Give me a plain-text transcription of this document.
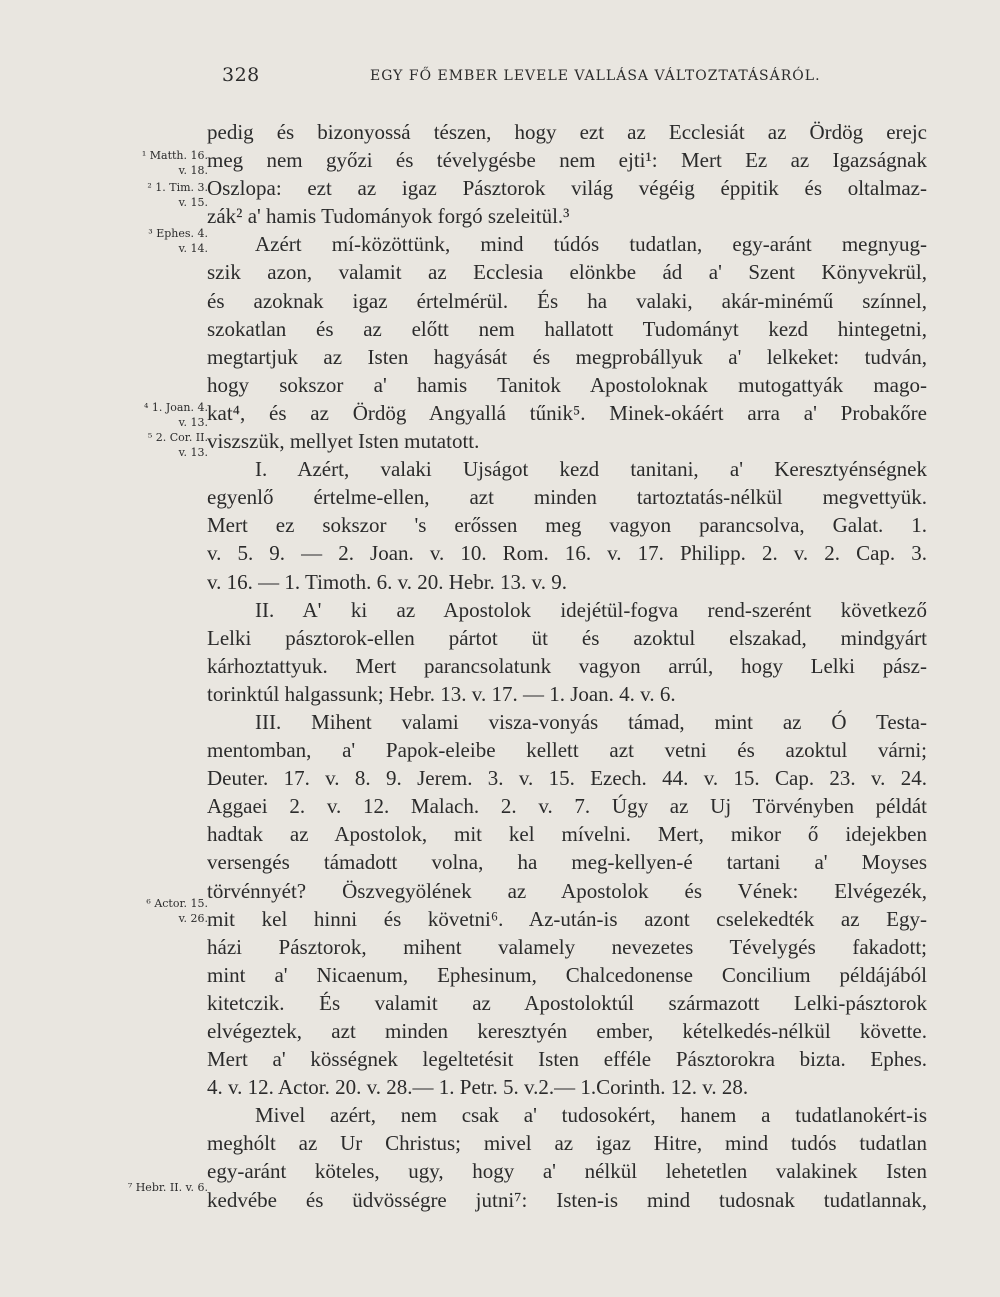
328	EGY FŐ EMBER LEVELE VALLÁSA VÁLTOZTATÁSÁRÓL.
¹ Matth. 16.
v. 18.
² 1. Tim. 3.
v. 15.
³ Ephes. 4.
v. 14.
⁴ 1. Joan. 4.
v. 13.
⁵ 2. Cor. II.
v. 13.
⁶ Actor. 15.
v. 26.
⁷ Hebr. II. v. 6.
pedig és bizonyossá tészen, hogy ezt az Ecclesiát az Ördög erejc
meg nem győzi és tévelygésbe nem ejti¹: Mert Ez az Igazságnak
Oszlopa: ezt az igaz Pásztorok világ végéig éppitik és oltalmaz-
zák² a' hamis Tudományok forgó szeleitül.³
Azért mí-közöttünk, mind túdós tudatlan, egy-aránt megnyug-
szik azon, valamit az Ecclesia elönkbe ád a' Szent Könyvekrül,
és azoknak igaz értelmérül. És ha valaki, akár-minémű színnel,
szokatlan és az előtt nem hallatott Tudományt kezd hintegetni,
megtartjuk az Isten hagyását és megprobállyuk a' lelkeket: tudván,
hogy sokszor a' hamis Tanitok Apostoloknak mutogattyák mago-
kat⁴, és az Ördög Angyallá tűnik⁵. Minek-okáért arra a' Probakőre
viszszük, mellyet Isten mutatott.
I. Azért, valaki Ujságot kezd tanitani, a' Keresztyénségnek
egyenlő értelme-ellen, azt minden tartoztatás-nélkül megvettyük.
Mert ez sokszor 's erőssen meg vagyon parancsolva, Galat. 1.
v. 5. 9. — 2. Joan. v. 10. Rom. 16. v. 17. Philipp. 2. v. 2. Cap. 3.
v. 16. — 1. Timoth. 6. v. 20. Hebr. 13. v. 9.
II. A' ki az Apostolok idejétül-fogva rend-szerént következő
Lelki pásztorok-ellen pártot üt és azoktul elszakad, mindgyárt
kárhoztattyuk. Mert parancsolatunk vagyon arrúl, hogy Lelki pász-
torinktúl halgassunk; Hebr. 13. v. 17. — 1. Joan. 4. v. 6.
III. Mihent valami visza-vonyás támad, mint az Ó Testa-
mentomban, a' Papok-eleibe kellett azt vetni és azoktul várni;
Deuter. 17. v. 8. 9. Jerem. 3. v. 15. Ezech. 44. v. 15. Cap. 23. v. 24.
Aggaei 2. v. 12. Malach. 2. v. 7. Úgy az Uj Törvényben példát
hadtak az Apostolok, mit kel mívelni. Mert, mikor ő idejekben
versengés támadott volna, ha meg-kellyen-é tartani a' Moyses
törvénnyét? Öszvegyölének az Apostolok és Vének: Elvégezék,
mit kel hinni és követni⁶. Az-után-is azont cselekedték az Egy-
házi Pásztorok, mihent valamely nevezetes Tévelygés fakadott;
mint a' Nicaenum, Ephesinum, Chalcedonense Concilium példájából
kitetczik. És valamit az Apostoloktúl származott Lelki-pásztorok
elvégeztek, azt minden keresztyén ember, kételkedés-nélkül követte.
Mert a' kösségnek legeltetésit Isten efféle Pásztorokra bizta. Ephes.
4. v. 12. Actor. 20. v. 28.— 1. Petr. 5. v.2.— 1.Corinth. 12. v. 28.
Mivel azért, nem csak a' tudosokért, hanem a tudatlanokért-is
meghólt az Ur Christus; mivel az igaz Hitre, mind tudós tudatlan
egy-aránt köteles, ugy, hogy a' nélkül lehetetlen valakinek Isten
kedvébe és üdvösségre jutni⁷: Isten-is mind tudosnak tudatlannak,
